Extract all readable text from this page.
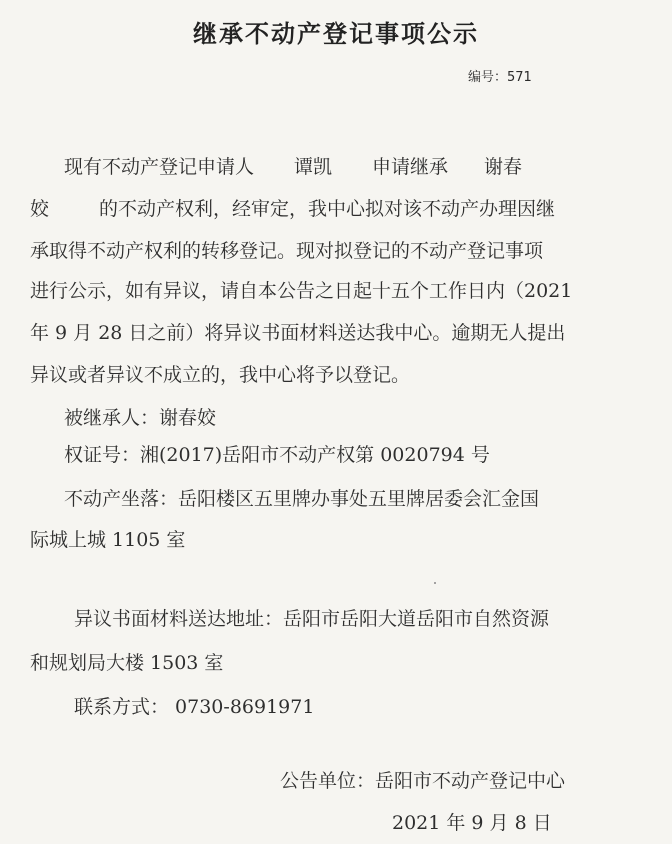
继承不动产登记事项公示
编号：571
现有不动产登记申请人 谭凯 申请继承 谢春
姣	的不动产权利，经审定，我中心拟对该不动产办理因继
承取得不动产权利的转移登记。现对拟登记的不动产登记事项
进行公示，如有异议，请自本公告之日起十五个工作日内（2021
年 9 月 28 日之前）将异议书面材料送达我中心。逾期无人提出
异议或者异议不成立的，我中心将予以登记。
被继承人：谢春姣
权证号：湘(2017)岳阳市不动产权第 0020794 号
不动产坐落：岳阳楼区五里牌办事处五里牌居委会汇金国
际城上城 1105 室
异议书面材料送达地址：岳阳市岳阳大道岳阳市自然资源
和规划局大楼 1503 室
联系方式： 0730-8691971
公告单位：岳阳市不动产登记中心
2021 年 9 月 8 日
